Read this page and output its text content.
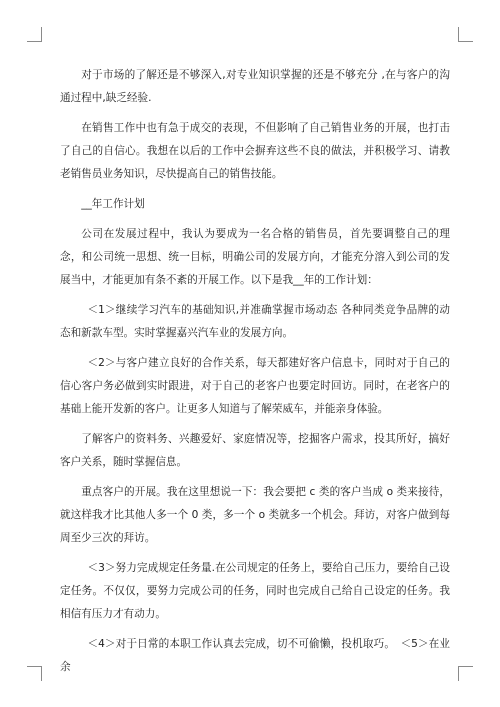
对于市场的了解还是不够深入,对专业知识掌握的还是不够充分 ,在与客户的沟通过程中,缺乏经验.

在销售工作中也有急于成交的表现，不但影响了自己销售业务的开展，也打击了自己的自信心。我想在以后的工作中会摒弃这些不良的做法，并积极学习、请教老销售员业务知识，尽快提高自己的销售技能。

__年工作计划

公司在发展过程中，我认为要成为一名合格的销售员，首先要调整自己的理念，和公司统一思想、统一目标，明确公司的发展方向，才能充分溶入到公司的发展当中，才能更加有条不紊的开展工作。以下是我__年的工作计划：

＜1＞继续学习汽车的基础知识,并准确掌握市场动态 各种同类竞争品牌的动态和新款车型。实时掌握嘉兴汽车业的发展方向。

＜2＞与客户建立良好的合作关系，每天都建好客户信息卡，同时对于自己的信心客户务必做到实时跟进，对于自己的老客户也要定时回访。同时，在老客户的基础上能开发新的客户。让更多人知道与了解荣威车，并能亲身体验。

了解客户的资料务、兴趣爱好、家庭情况等，挖掘客户需求，投其所好，搞好客户关系，随时掌握信息。

重点客户的开展。我在这里想说一下：我会要把 c 类的客户当成 o 类来接待，就这样我才比其他人多一个 0 类，多一个 o 类就多一个机会。拜访，对客户做到每周至少三次的拜访。

＜3＞努力完成规定任务量.在公司规定的任务上，要给自己压力，要给自己设定任务。不仅仅，要努力完成公司的任务，同时也完成自己给自己设定的任务。我相信有压力才有动力。

＜4＞对于日常的本职工作认真去完成，切不可偷懒，投机取巧。　＜5＞在业余
